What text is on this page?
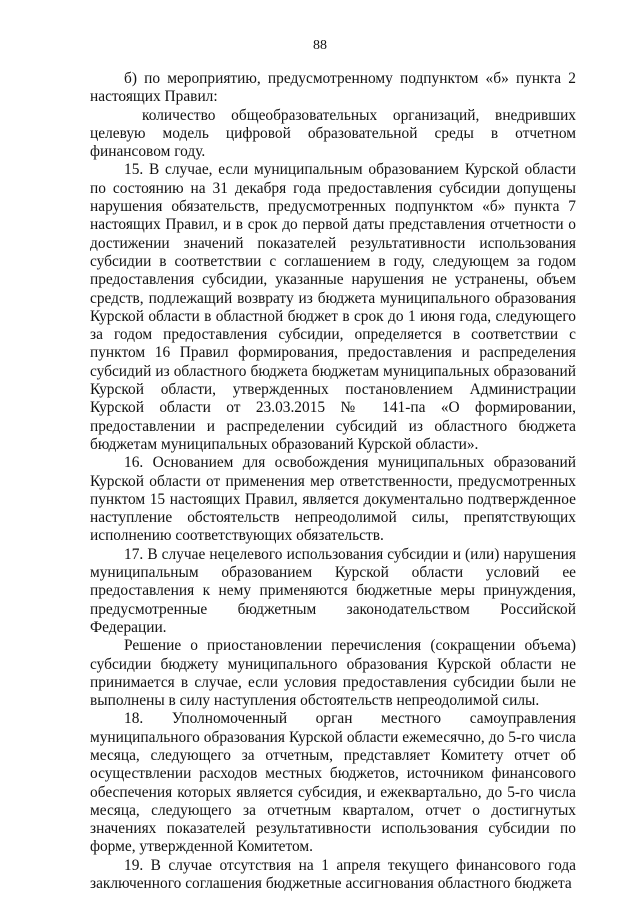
88

б) по мероприятию, предусмотренному подпунктом «б» пункта 2 настоящих Правил:

количество общеобразовательных организаций, внедривших целевую модель цифровой образовательной среды в отчетном финансовом году.

15. В случае, если муниципальным образованием Курской области по состоянию на 31 декабря года предоставления субсидии допущены нарушения обязательств, предусмотренных подпунктом «б» пункта 7 настоящих Правил, и в срок до первой даты представления отчетности о достижении значений показателей результативности использования субсидии в соответствии с соглашением в году, следующем за годом предоставления субсидии, указанные нарушения не устранены, объем средств, подлежащий возврату из бюджета муниципального образования Курской области в областной бюджет в срок до 1 июня года, следующего за годом предоставления субсидии, определяется в соответствии с пунктом 16 Правил формирования, предоставления и распределения субсидий из областного бюджета бюджетам муниципальных образований Курской области, утвержденных постановлением Администрации Курской области от 23.03.2015 № 141-па «О формировании, предоставлении и распределении субсидий из областного бюджета бюджетам муниципальных образований Курской области».

16. Основанием для освобождения муниципальных образований Курской области от применения мер ответственности, предусмотренных пунктом 15 настоящих Правил, является документально подтвержденное наступление обстоятельств непреодолимой силы, препятствующих исполнению соответствующих обязательств.

17. В случае нецелевого использования субсидии и (или) нарушения муниципальным образованием Курской области условий ее предоставления к нему применяются бюджетные меры принуждения, предусмотренные бюджетным законодательством Российской Федерации.

Решение о приостановлении перечисления (сокращении объема) субсидии бюджету муниципального образования Курской области не принимается в случае, если условия предоставления субсидии были не выполнены в силу наступления обстоятельств непреодолимой силы.

18. Уполномоченный орган местного самоуправления муниципального образования Курской области ежемесячно, до 5-го числа месяца, следующего за отчетным, представляет Комитету отчет об осуществлении расходов местных бюджетов, источником финансового обеспечения которых является субсидия, и ежеквартально, до 5-го числа месяца, следующего за отчетным кварталом, отчет о достигнутых значениях показателей результативности использования субсидии по форме, утвержденной Комитетом.

19. В случае отсутствия на 1 апреля текущего финансового года заключенного соглашения бюджетные ассигнования областного бюджета
